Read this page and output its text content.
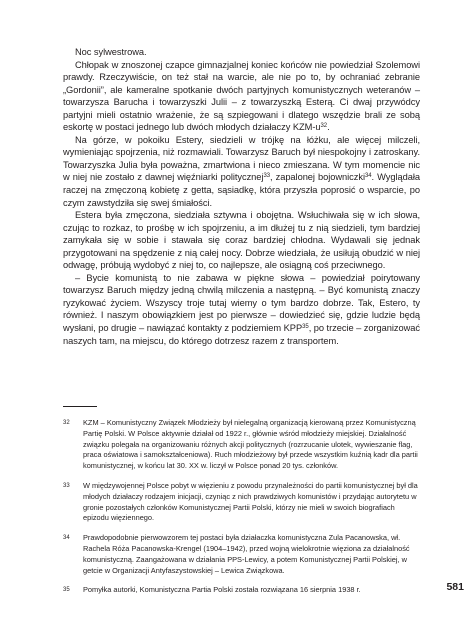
Noc sylwestrowa.

Chłopak w znoszonej czapce gimnazjalnej koniec końców nie powiedział Szolemowi prawdy. Rzeczywiście, on też stał na warcie, ale nie po to, by ochraniać zebranie „Gordonii”, ale kameralne spotkanie dwóch partyjnych komunistycznych weteranów – towarzysza Barucha i towarzyszki Julii – z towarzyszką Esterą. Ci dwaj przywódcy partyjni mieli ostatnio wrażenie, że są szpiegowani i dlatego wszędzie brali ze sobą eskortę w postaci jednego lub dwóch młodych działaczy KZM-$u^{32}$.

Na górze, w pokoiku Estery, siedzieli w trójkę na łóżku, ale więcej milczeli, wymieniając spojrzenia, niż rozmawiali. Towarzysz Baruch był niespokojny i zatroskany. Towarzyszka Julia była poważna, zmartwiona i nieco zmieszana. W tym momencie nic w niej nie zostało z dawnej więźniarki politycznej$^{33}$, zapalonej bojowniczki$^{34}$. Wyglądała raczej na zmęczoną kobietę z getta, sąsiadkę, która przyszła poprosić o wsparcie, po czym zawstydziła się swej śmiałości.

Estera była zmęczona, siedziała sztywna i obojętna. Wsłuchiwała się w ich słowa, czując to rozkaz, to prośbę w ich spojrzeniu, a im dłużej tu z nią siedzieli, tym bardziej zamykała się w sobie i stawała się coraz bardziej chłodna. Wydawali się jednak przygotowani na spędzenie z nią całej nocy. Dobrze wiedziała, że usiłują obudzić w niej odwagę, próbują wydobyć z niej to, co najlepsze, ale osiągną coś przeciwnego.

– Bycie komunistą to nie zabawa w piękne słowa – powiedział poirytowany towarzysz Baruch między jedną chwilą milczenia a następną. – Być komunistą znaczy ryzykować życiem. Wszyscy troje tutaj wiemy o tym bardzo dobrze. Tak, Estero, ty również. I naszym obowiązkiem jest po pierwsze – dowiedzieć się, gdzie ludzie będą wysłani, po drugie – nawiązać kontakty z podziemiem KPP$^{35}$, po trzecie – zorganizować naszych tam, na miejscu, do którego dotrzesz razem z transportem.

32 KZM – Komunistyczny Związek Młodzieży był nielegalną organizacją kierowaną przez Komunistyczną Partię Polski. W Polsce aktywnie działał od 1922 r., głównie wśród młodzieży miejskiej. Działalność związku polegała na organizowaniu różnych akcji politycznych (rozrzucanie ulotek, wywieszanie flag, praca oświatowa i samokształceniowa). Ruch młodzieżowy był przede wszystkim kuźnią kadr dla partii komunistycznej, w końcu lat 30. XX w. liczył w Polsce ponad 20 tys. członków.
33 W międzywojennej Polsce pobyt w więzieniu z powodu przynależności do partii komunistycznej był dla młodych działaczy rodzajem inicjacji, czyniąc z nich prawdziwych komunistów i przydając autorytetu w gronie pozostałych członków Komunistycznej Partii Polski, którzy nie mieli w swoich biografiach epizodu więziennego.
34 Prawdopodobnie pierwowzorem tej postaci była działaczka komunistyczna Zula Pacanowska, wł. Rachela Róża Pacanowska-Krengel (1904–1942), przed wojną wielokrotnie więziona za działalność komunistyczną. Zaangażowana w działania PPS-Lewicy, a potem Komunistycznej Partii Polskiej, w getcie w Organizacji Antyfaszystowskiej – Lewica Związkowa.
35 Pomyłka autorki, Komunistyczna Partia Polski została rozwiązana 16 sierpnia 1938 r.	581
